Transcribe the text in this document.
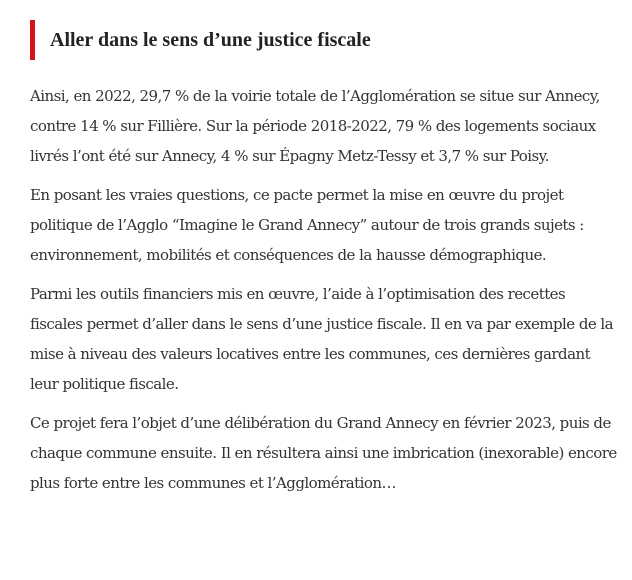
Aller dans le sens d’une justice fiscale

Ainsi, en 2022, 29,7 % de la voirie totale de l’Agglomération se situe sur Annecy, contre 14 % sur Fillière. Sur la période 2018-2022, 79 % des logements sociaux livrés l’ont été sur Annecy, 4 % sur Épagny Metz-Tessy et 3,7 % sur Poisy.

En posant les vraies questions, ce pacte permet la mise en œuvre du projet politique de l’Agglo “Imagine le Grand Annecy” autour de trois grands sujets : environnement, mobilités et conséquences de la hausse démographique.

Parmi les outils financiers mis en œuvre, l’aide à l’optimisation des recettes fiscales permet d’aller dans le sens d’une justice fiscale. Il en va par exemple de la mise à niveau des valeurs locatives entre les communes, ces dernières gardant leur politique fiscale.

Ce projet fera l’objet d’une délibération du Grand Annecy en février 2023, puis de chaque commune ensuite. Il en résultera ainsi une imbrication (inexorable) encore plus forte entre les communes et l’Agglomération…
